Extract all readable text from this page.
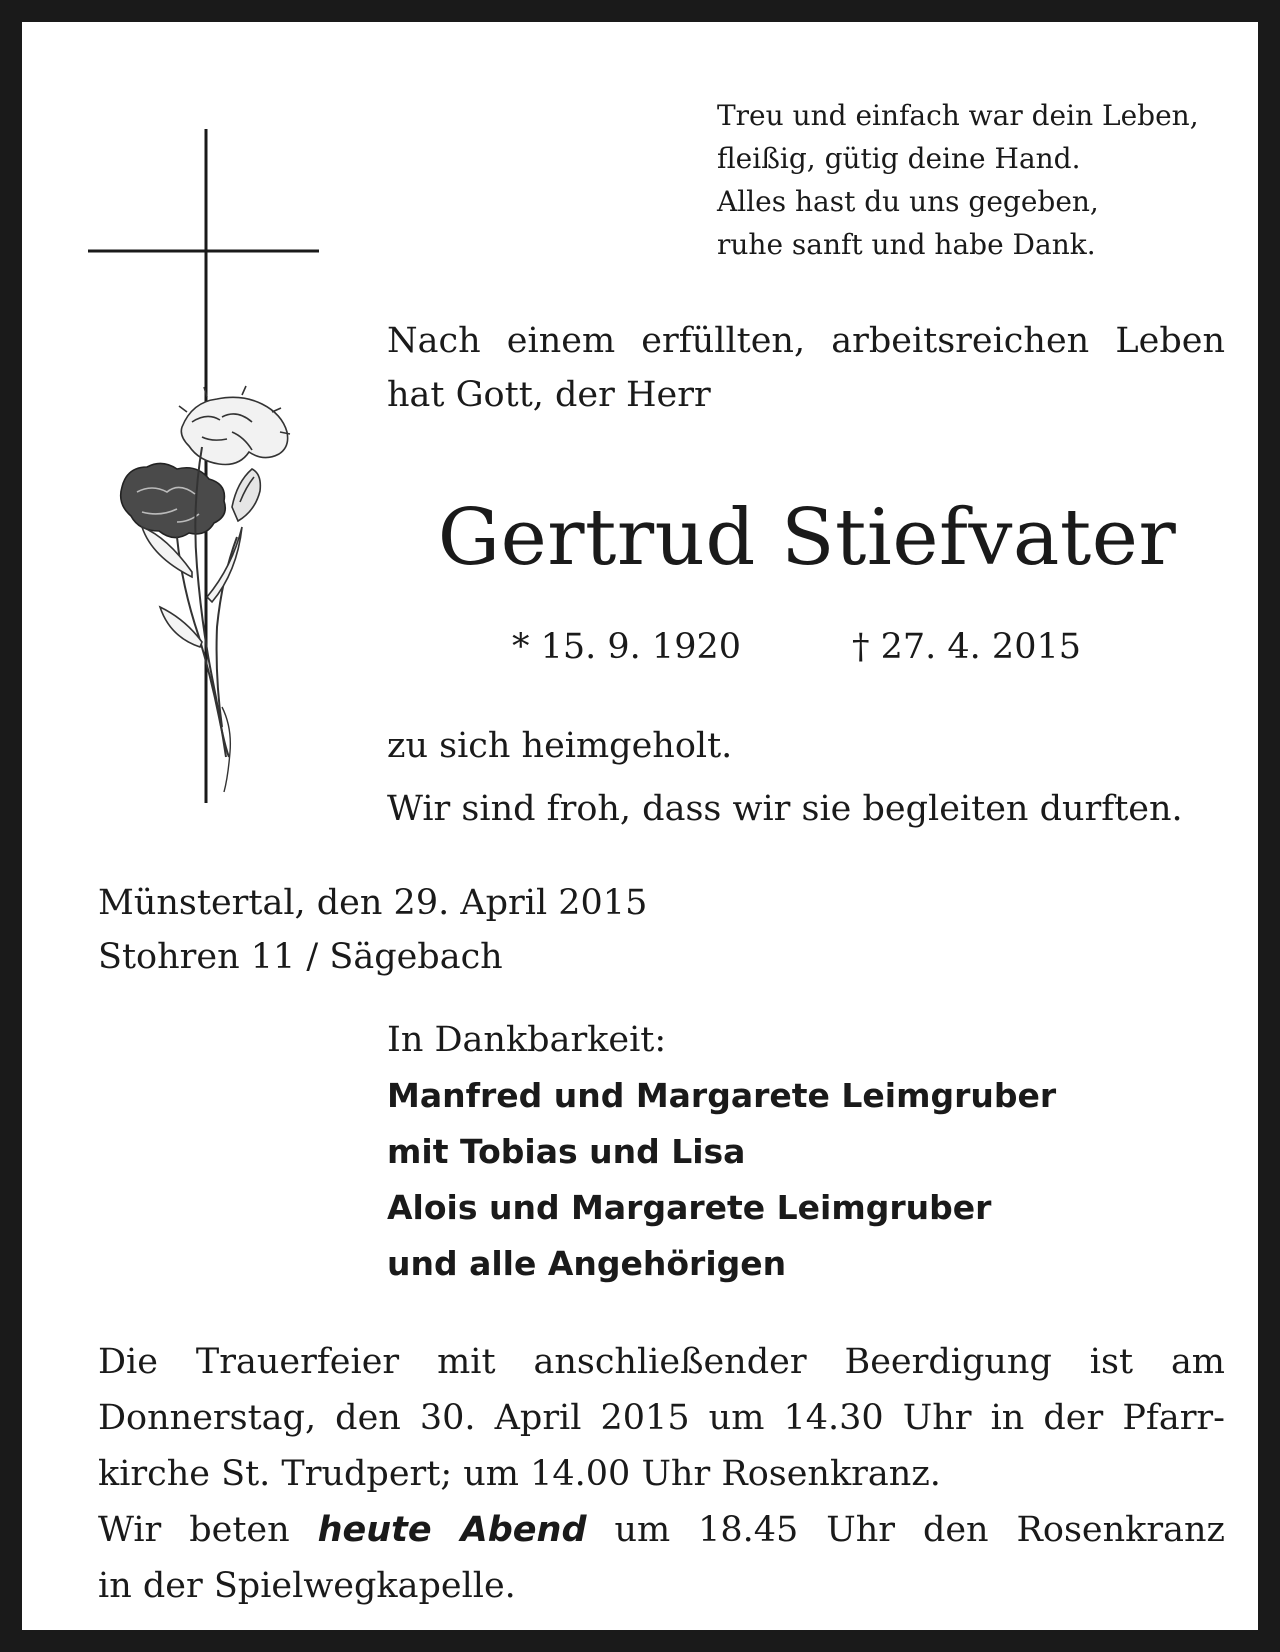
Treu und einfach war dein Leben,
fleißig, gütig deine Hand.
Alles hast du uns gegeben,
ruhe sanft und habe Dank.
Nach einem erfüllten, arbeitsreichen Leben
hat Gott, der Herr
Gertrud Stiefvater
* 15. 9. 1920	† 27. 4. 2015
zu sich heimgeholt.
Wir sind froh, dass wir sie begleiten durften.
Münstertal, den 29. April 2015
Stohren 11 / Sägebach
In Dankbarkeit:
Manfred und Margarete Leimgruber
mit Tobias und Lisa
Alois und Margarete Leimgruber
und alle Angehörigen
Die Trauerfeier mit anschließender Beerdigung ist am
Donnerstag, den 30. April 2015 um 14.30 Uhr in der Pfarr-
kirche St. Trudpert; um 14.00 Uhr Rosenkranz.
Wir beten heute Abend um 18.45 Uhr den Rosenkranz
in der Spielwegkapelle.
